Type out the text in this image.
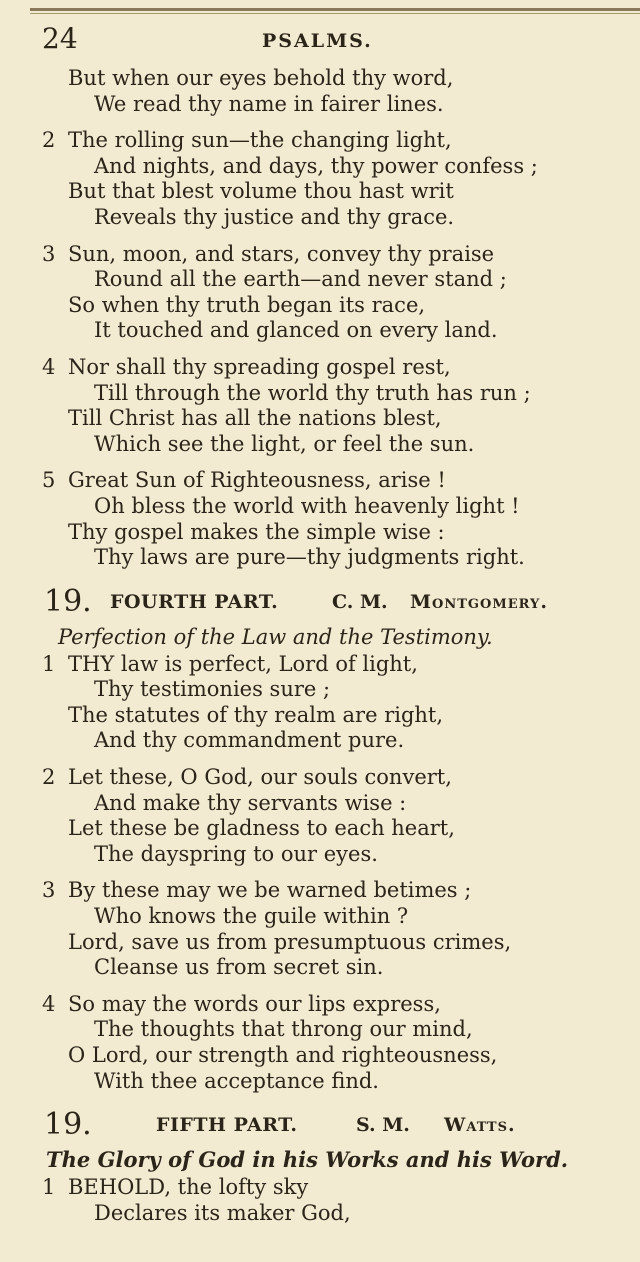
24	PSALMS.
But when our eyes behold thy word,
We read thy name in fairer lines.
2 The rolling sun—the changing light,
And nights, and days, thy power confess ;
But that blest volume thou hast writ
Reveals thy justice and thy grace.
3 Sun, moon, and stars, convey thy praise
Round all the earth—and never stand ;
So when thy truth began its race,
It touched and glanced on every land.
4 Nor shall thy spreading gospel rest,
Till through the world thy truth has run ;
Till Christ has all the nations blest,
Which see the light, or feel the sun.
5 Great Sun of Righteousness, arise !
Oh bless the world with heavenly light !
Thy gospel makes the simple wise :
Thy laws are pure—thy judgments right.
19. FOURTH PART.	C. M. Montgomery.
Perfection of the Law and the Testimony.
1 THY law is perfect, Lord of light,
Thy testimonies sure ;
The statutes of thy realm are right,
And thy commandment pure.
2 Let these, O God, our souls convert,
And make thy servants wise :
Let these be gladness to each heart,
The dayspring to our eyes.
3 By these may we be warned betimes ;
Who knows the guile within ?
Lord, save us from presumptuous crimes,
Cleanse us from secret sin.
4 So may the words our lips express,
The thoughts that throng our mind,
O Lord, our strength and righteousness,
With thee acceptance find.
19.	FIFTH PART.	S. M. Watts.
The Glory of God in his Works and his Word.
1 BEHOLD, the lofty sky
Declares its maker God,
